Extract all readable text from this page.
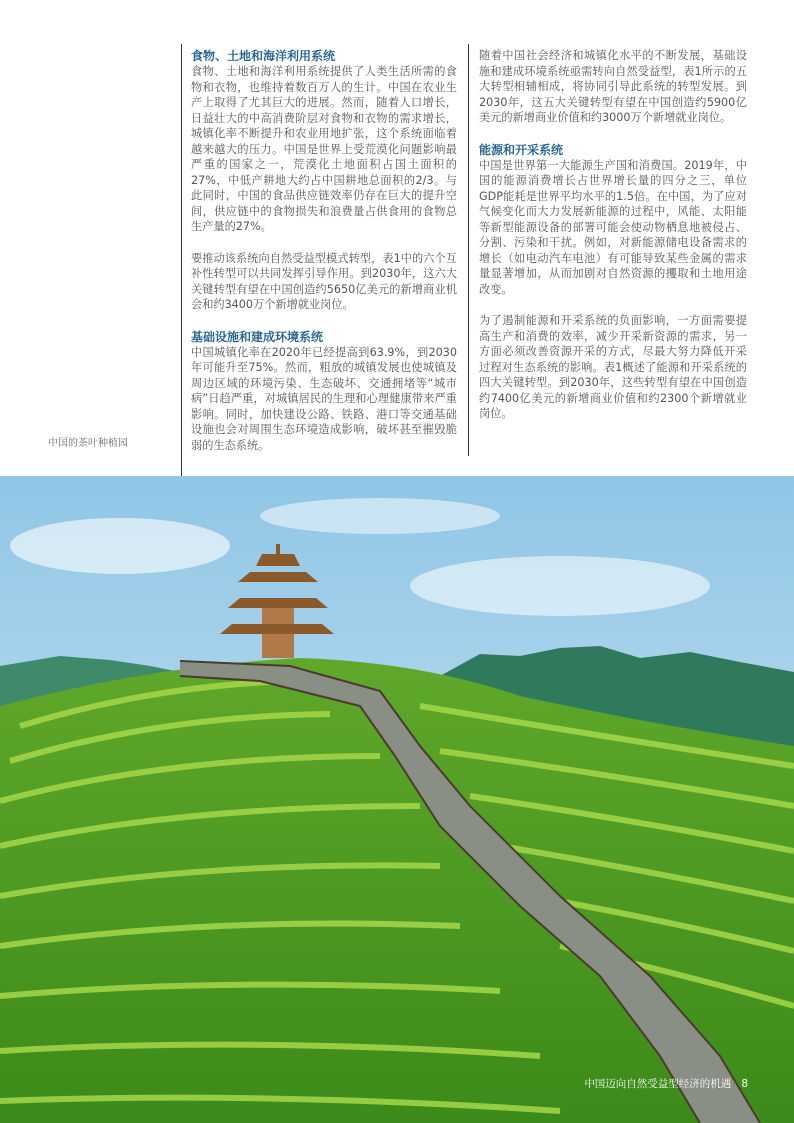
中国的茶叶种植园
食物、土地和海洋利用系统

食物、土地和海洋利用系统提供了人类生活所需的食物和衣物，也维持着数百万人的生计。中国在农业生产上取得了尤其巨大的进展。然而，随着人口增长，日益壮大的中高消费阶层对食物和衣物的需求增长，城镇化率不断提升和农业用地扩张，这个系统面临着越来越大的压力。中国是世界上受荒漠化问题影响最严重的国家之一，荒漠化土地面积占国土面积的27%，中低产耕地大约占中国耕地总面积的2/3。与此同时，中国的食品供应链效率仍存在巨大的提升空间，供应链中的食物损失和浪费量占供食用的食物总生产量的27%。

要推动该系统向自然受益型模式转型，表1中的六个互补性转型可以共同发挥引导作用。到2030年，这六大关键转型有望在中国创造约5650亿美元的新增商业机会和约3400万个新增就业岗位。

基础设施和建成环境系统

中国城镇化率在2020年已经提高到63.9%，到2030年可能升至75%。然而，粗放的城镇发展也使城镇及周边区域的环境污染、生态破坏、交通拥堵等“城市病”日趋严重，对城镇居民的生理和心理健康带来严重影响。同时，加快建设公路、铁路、港口等交通基础设施也会对周围生态环境造成影响，破坏甚至摧毁脆弱的生态系统。

随着中国社会经济和城镇化水平的不断发展，基础设施和建成环境系统亟需转向自然受益型，表1所示的五大转型相辅相成，将协同引导此系统的转型发展。到2030年，这五大关键转型有望在中国创造约5900亿美元的新增商业价值和约3000万个新增就业岗位。

能源和开采系统

中国是世界第一大能源生产国和消费国。2019年，中国的能源消费增长占世界增长量的四分之三，单位GDP能耗是世界平均水平的1.5倍。在中国，为了应对气候变化而大力发展新能源的过程中，风能、太阳能等新型能源设备的部署可能会使动物栖息地被侵占、分割、污染和干扰。例如，对新能源储电设备需求的增长（如电动汽车电池）有可能导致某些金属的需求量显著增加，从而加剧对自然资源的攫取和土地用途改变。

为了遏制能源和开采系统的负面影响，一方面需要提高生产和消费的效率，减少开采新资源的需求，另一方面必须改善资源开采的方式，尽最大努力降低开采过程对生态系统的影响。表1概述了能源和开采系统的四大关键转型。到2030年，这些转型有望在中国创造约7400亿美元的新增商业价值和约2300个新增就业岗位。

中国迈向自然受益型经济的机遇 8
